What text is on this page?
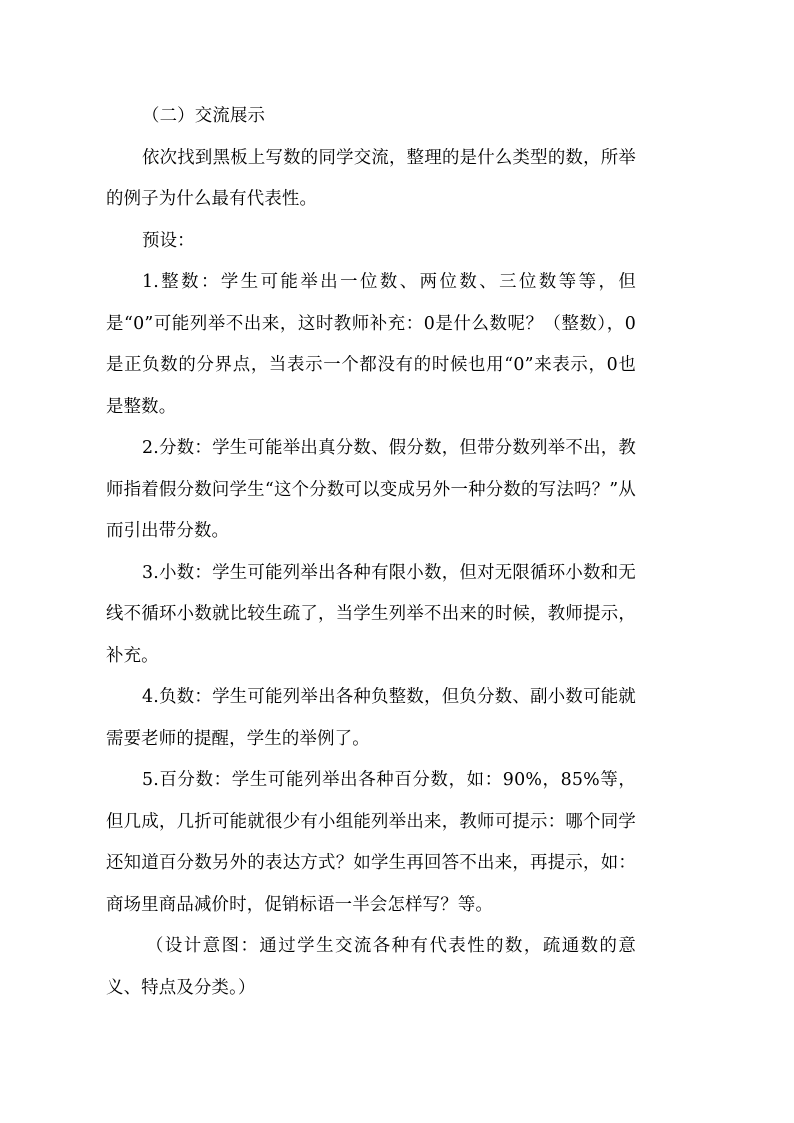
（二）交流展示

依次找到黑板上写数的同学交流，整理的是什么类型的数，所举的例子为什么最有代表性。

预设：

1.整数：学生可能举出一位数、两位数、三位数等等，但是“0”可能列举不出来，这时教师补充：0是什么数呢？（整数），0是正负数的分界点，当表示一个都没有的时候也用“0”来表示，0也是整数。

2.分数：学生可能举出真分数、假分数，但带分数列举不出，教师指着假分数问学生“这个分数可以变成另外一种分数的写法吗？”从而引出带分数。

3.小数：学生可能列举出各种有限小数，但对无限循环小数和无线不循环小数就比较生疏了，当学生列举不出来的时候，教师提示，补充。

4.负数：学生可能列举出各种负整数，但负分数、副小数可能就需要老师的提醒，学生的举例了。

5.百分数：学生可能列举出各种百分数，如：90%，85%等，但几成，几折可能就很少有小组能列举出来，教师可提示：哪个同学还知道百分数另外的表达方式？如学生再回答不出来，再提示，如：商场里商品减价时，促销标语一半会怎样写？等。

（设计意图：通过学生交流各种有代表性的数，疏通数的意义、特点及分类。）
